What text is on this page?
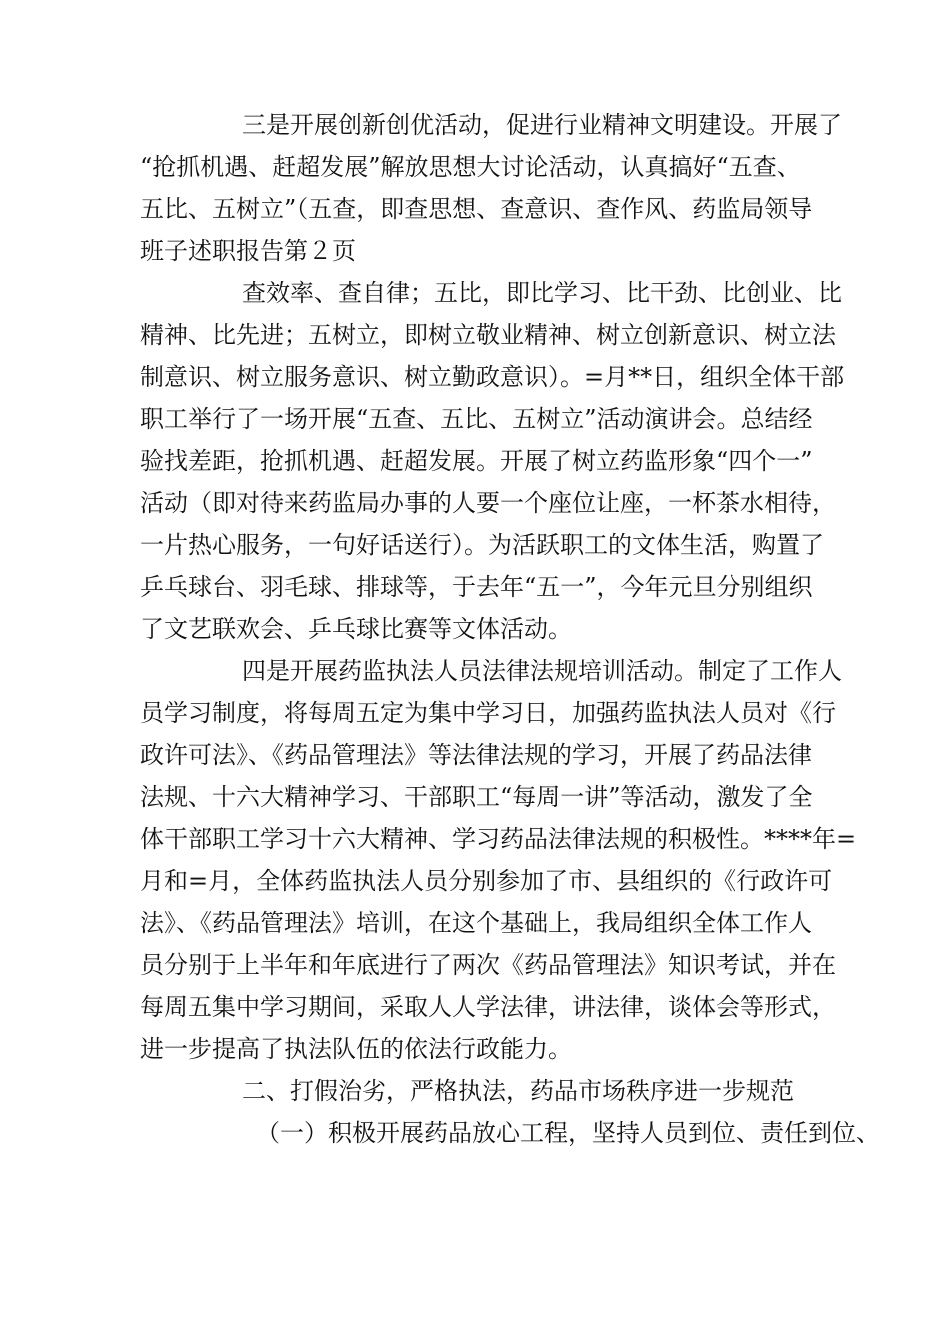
三是开展创新创优活动，促进行业精神文明建设。开展了
“抢抓机遇、赶超发展”解放思想大讨论活动，认真搞好“五查、
五比、五树立”（五查，即查思想、查意识、查作风、药监局领导
班子述职报告第２页
查效率、查自律；五比，即比学习、比干劲、比创业、比
精神、比先进；五树立，即树立敬业精神、树立创新意识、树立法
制意识、树立服务意识、树立勤政意识）。=月**日，组织全体干部
职工举行了一场开展“五查、五比、五树立”活动演讲会。总结经
验找差距，抢抓机遇、赶超发展。开展了树立药监形象“四个一”
活动（即对待来药监局办事的人要一个座位让座，一杯茶水相待，
一片热心服务，一句好话送行）。为活跃职工的文体生活，购置了
乒乓球台、羽毛球、排球等，于去年“五一”，今年元旦分别组织
了文艺联欢会、乒乓球比赛等文体活动。
四是开展药监执法人员法律法规培训活动。制定了工作人
员学习制度，将每周五定为集中学习日，加强药监执法人员对《行
政许可法》、《药品管理法》等法律法规的学习，开展了药品法律
法规、十六大精神学习、干部职工“每周一讲”等活动，激发了全
体干部职工学习十六大精神、学习药品法律法规的积极性。****年=
月和=月，全体药监执法人员分别参加了市、县组织的《行政许可
法》、《药品管理法》培训，在这个基础上，我局组织全体工作人
员分别于上半年和年底进行了两次《药品管理法》知识考试，并在
每周五集中学习期间，采取人人学法律，讲法律，谈体会等形式，
进一步提高了执法队伍的依法行政能力。
二、打假治劣，严格执法，药品市场秩序进一步规范
（一）积极开展药品放心工程，坚持人员到位、责任到位、
